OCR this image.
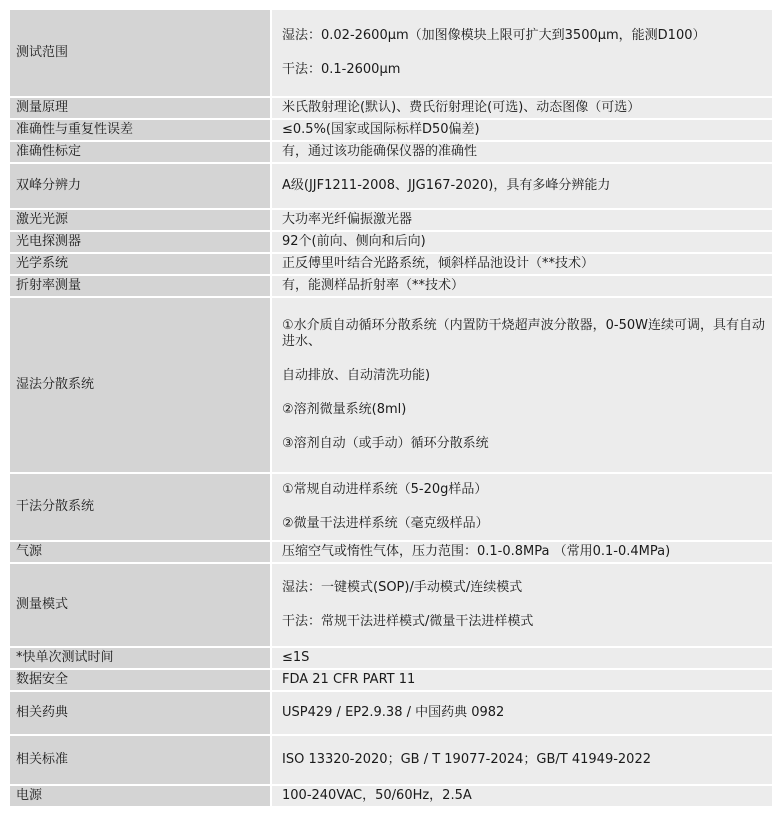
测试范围	湿法：0.02-2600μm（加图像模块上限可扩大到3500μm，能测D100）
干法：0.1-2600μm

测量原理	米氏散射理论(默认)、费氏衍射理论(可选)、动态图像（可选）

准确性与重复性误差	≤0.5%(国家或国际标样D50偏差)

准确性标定	有，通过该功能确保仪器的准确性

双峰分辨力	A级(JJF1211-2008、JJG167-2020)，具有多峰分辨能力

激光光源	大功率光纤偏振激光器

光电探测器	92个(前向、侧向和后向)

光学系统	正反傅里叶结合光路系统，倾斜样品池设计（**技术）

折射率测量	有，能测样品折射率（**技术）

湿法分散系统	①水介质自动循环分散系统（内置防干烧超声波分散器，0-50W连续可调，具有自动进水、
自动排放、自动清洗功能)
②溶剂微量系统(8ml)
③溶剂自动（或手动）循环分散系统

干法分散系统	①常规自动进样系统（5-20g样品）
②微量干法进样系统（毫克级样品）

气源	压缩空气或惰性气体，压力范围：0.1-0.8MPa （常用0.1-0.4MPa)

测量模式	湿法：一键模式(SOP)/手动模式/连续模式
干法：常规干法进样模式/微量干法进样模式

*快单次测试时间	≤1S

数据安全	FDA 21 CFR PART 11

相关药典	USP429 / EP2.9.38 / 中国药典 0982

相关标准	ISO 13320-2020；GB / T 19077-2024；GB/T 41949-2022

电源	100-240VAC，50/60Hz，2.5A
